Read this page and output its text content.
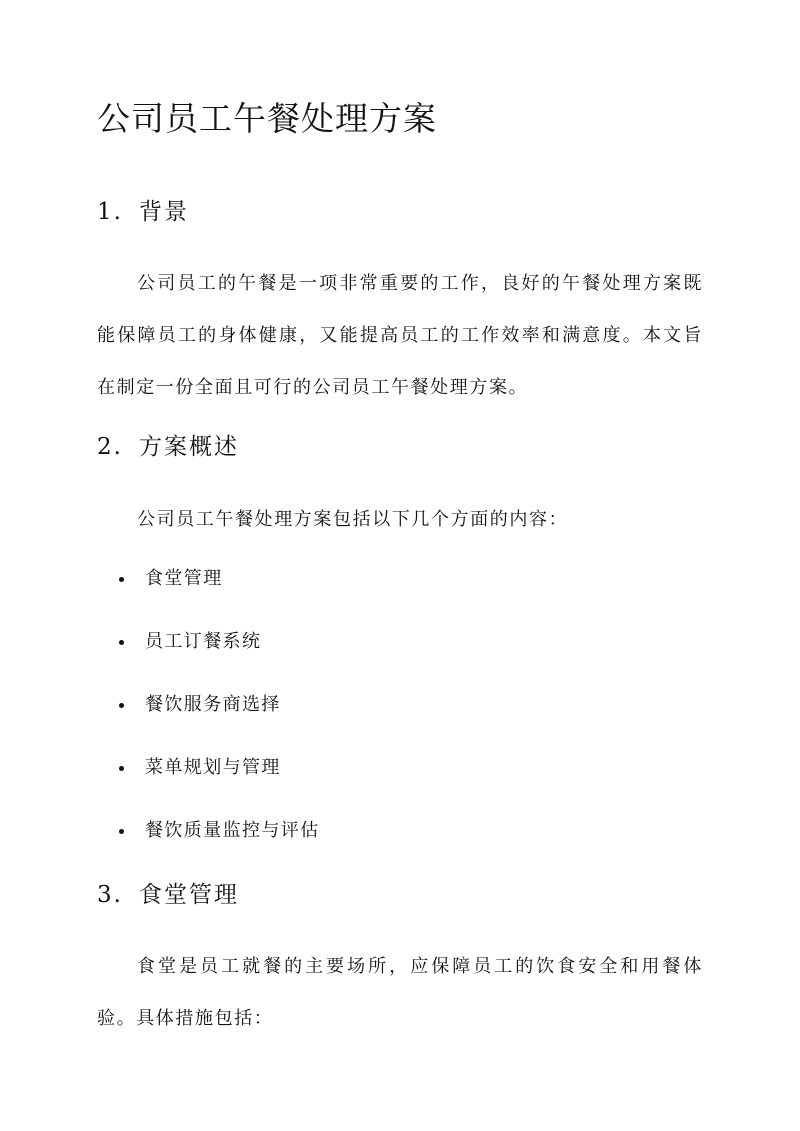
公司员工午餐处理方案
1. 背景

公司员工的午餐是一项非常重要的工作，良好的午餐处理方案既能保障员工的身体健康，又能提高员工的工作效率和满意度。本文旨在制定一份全面且可行的公司员工午餐处理方案。

2. 方案概述

公司员工午餐处理方案包括以下几个方面的内容：

食堂管理
员工订餐系统
餐饮服务商选择
菜单规划与管理
餐饮质量监控与评估
3. 食堂管理

食堂是员工就餐的主要场所，应保障员工的饮食安全和用餐体验。具体措施包括：
